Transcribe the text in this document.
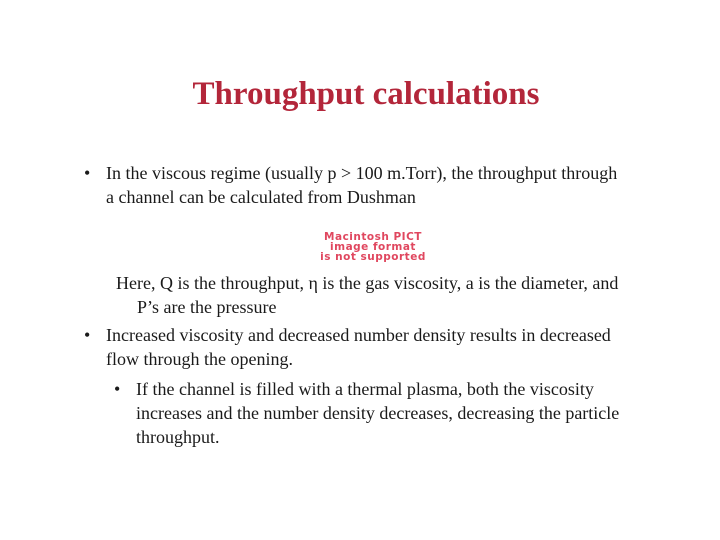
Throughput calculations
• In the viscous regime (usually p > 100 m.Torr), the throughput through
a channel can be calculated from Dushman
Macintosh PICT
image format
is not supported
Here, Q is the throughput, η is the gas viscosity, a is the diameter, and
P’s are the pressure
• Increased viscosity and decreased number density results in decreased
flow through the opening.
• If the channel is filled with a thermal plasma, both the viscosity
increases and the number density decreases, decreasing the particle
throughput.
